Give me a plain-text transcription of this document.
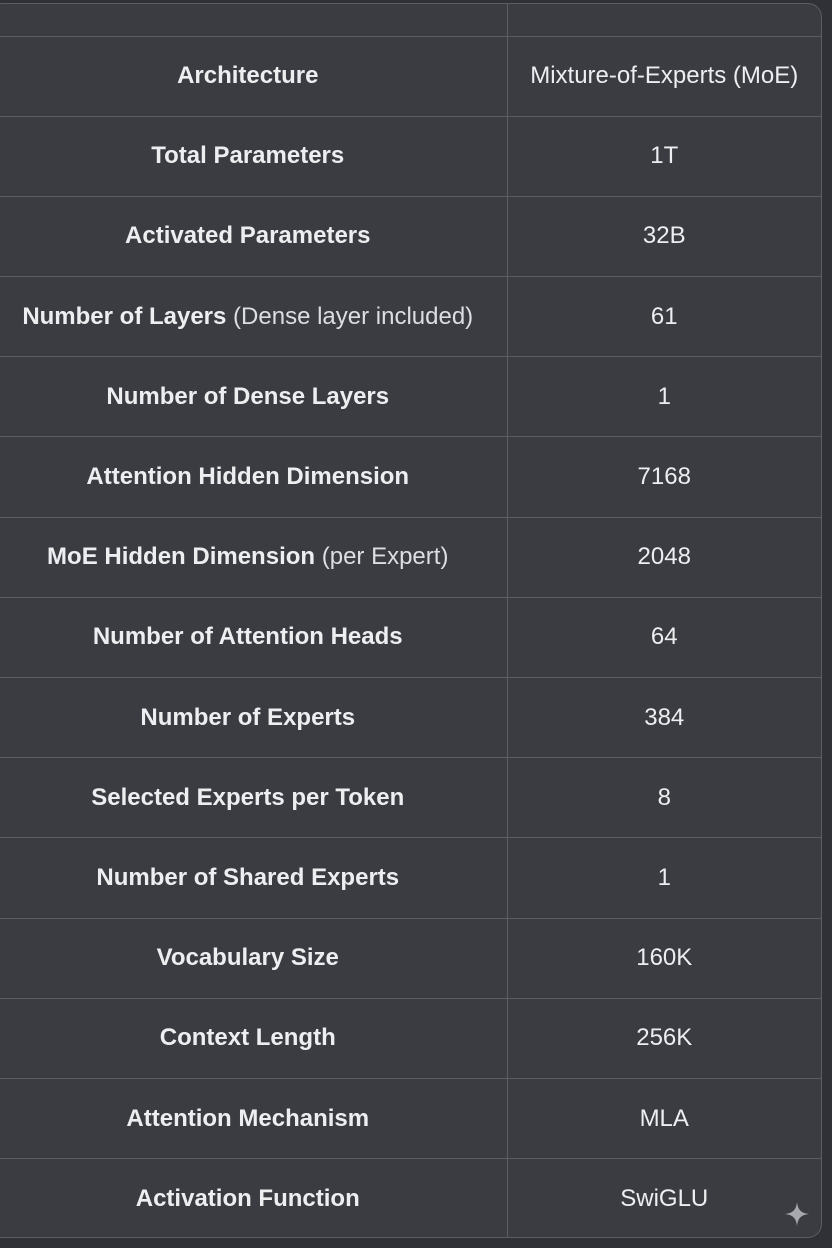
Architecture	Mixture-of-Experts (MoE)
Total Parameters	1T
Activated Parameters	32B
Number of Layers (Dense layer included)	61
Number of Dense Layers	1
Attention Hidden Dimension	7168
MoE Hidden Dimension (per Expert)	2048
Number of Attention Heads	64
Number of Experts	384
Selected Experts per Token	8
Number of Shared Experts	1
Vocabulary Size	160K
Context Length	256K
Attention Mechanism	MLA
Activation Function	SwiGLU
